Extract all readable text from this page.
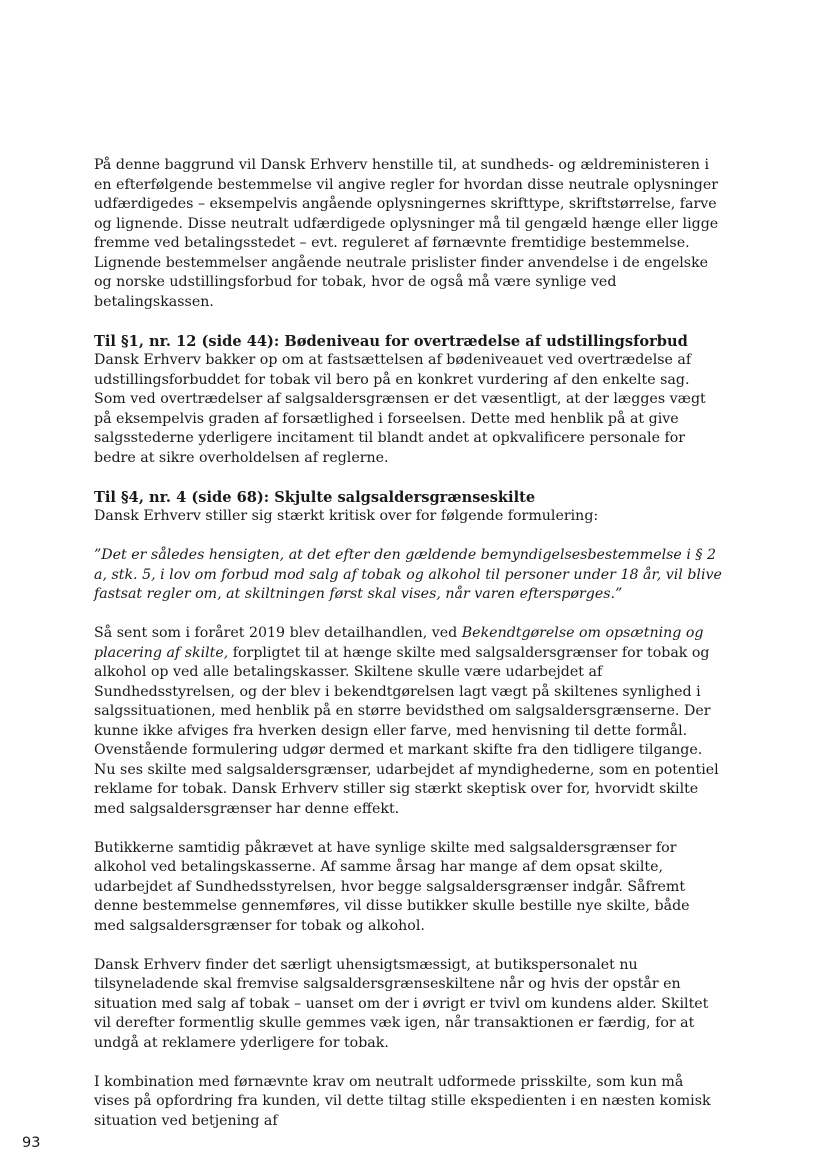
På denne baggrund vil Dansk Erhverv henstille til, at sundheds- og ældreministeren i en efterfølgende bestemmelse vil angive regler for hvordan disse neutrale oplysninger udfærdigedes – eksempelvis angående oplysningernes skrifttype, skriftstørrelse, farve og lignende. Disse neutralt udfærdigede oplysninger må til gengæld hænge eller ligge fremme ved betalingsstedet – evt. reguleret af førnævnte fremtidige bestemmelse. Lignende bestemmelser angående neutrale prislister finder anvendelse i de engelske og norske udstillingsforbud for tobak, hvor de også må være synlige ved betalingskassen.

Til §1, nr. 12 (side 44): Bødeniveau for overtrædelse af udstillingsforbud

Dansk Erhverv bakker op om at fastsættelsen af bødeniveauet ved overtrædelse af udstillingsforbuddet for tobak vil bero på en konkret vurdering af den enkelte sag. Som ved overtrædelser af salgsaldersgrænsen er det væsentligt, at der lægges vægt på eksempelvis graden af forsætlighed i forseelsen. Dette med henblik på at give salgsstederne yderligere incitament til blandt andet at opkvalificere personale for bedre at sikre overholdelsen af reglerne.

Til §4, nr. 4 (side 68): Skjulte salgsaldersgrænseskilte

Dansk Erhverv stiller sig stærkt kritisk over for følgende formulering:

”Det er således hensigten, at det efter den gældende bemyndigelsesbestemmelse i § 2 a, stk. 5, i lov om forbud mod salg af tobak og alkohol til personer under 18 år, vil blive fastsat regler om, at skiltningen først skal vises, når varen efterspørges.”

Så sent som i foråret 2019 blev detailhandlen, ved Bekendtgørelse om opsætning og placering af skilte, forpligtet til at hænge skilte med salgsaldersgrænser for tobak og alkohol op ved alle betalingskasser. Skiltene skulle være udarbejdet af Sundhedsstyrelsen, og der blev i bekendtgørelsen lagt vægt på skiltenes synlighed i salgssituationen, med henblik på en større bevidsthed om salgsaldersgrænserne. Der kunne ikke afviges fra hverken design eller farve, med henvisning til dette formål.

Ovenstående formulering udgør dermed et markant skifte fra den tidligere tilgange. Nu ses skilte med salgsaldersgrænser, udarbejdet af myndighederne, som en potentiel reklame for tobak. Dansk Erhverv stiller sig stærkt skeptisk over for, hvorvidt skilte med salgsaldersgrænser har denne effekt.

Butikkerne samtidig påkrævet at have synlige skilte med salgsaldersgrænser for alkohol ved betalingskasserne. Af samme årsag har mange af dem opsat skilte, udarbejdet af Sundhedsstyrelsen, hvor begge salgsaldersgrænser indgår. Såfremt denne bestemmelse gennemføres, vil disse butikker skulle bestille nye skilte, både med salgsaldersgrænser for tobak og alkohol.

Dansk Erhverv finder det særligt uhensigtsmæssigt, at butikspersonalet nu tilsyneladende skal fremvise salgsaldersgrænseskiltene når og hvis der opstår en situation med salg af tobak – uanset om der i øvrigt er tvivl om kundens alder. Skiltet vil derefter formentlig skulle gemmes væk igen, når transaktionen er færdig, for at undgå at reklamere yderligere for tobak.

I kombination med førnævnte krav om neutralt udformede prisskilte, som kun må vises på opfordring fra kunden, vil dette tiltag stille ekspedienten i en næsten komisk situation ved betjening af

93
